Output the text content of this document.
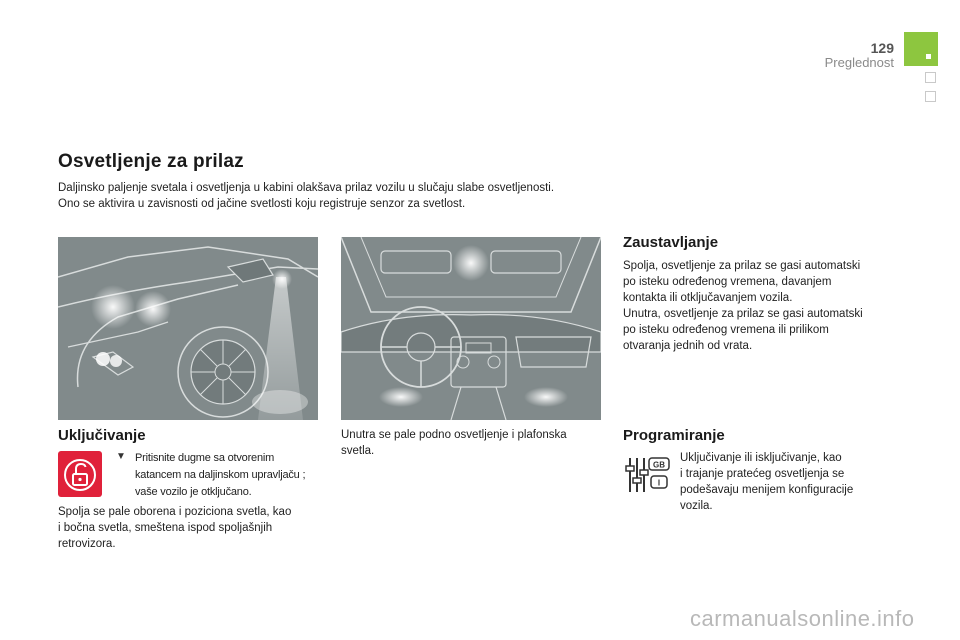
129
Preglednost
Osvetljenje za prilaz
Daljinsko paljenje svetala i osvetljenja u kabini olakšava prilaz vozilu u slučaju slabe osvetljenosti.
Ono se aktivira u zavisnosti od jačine svetlosti koju registruje senzor za svetlost.
Uključivanje
▼ Pritisnite dugme sa otvorenim
katancem na daljinskom upravljaču ;
vaše vozilo je otključano.
Spolja se pale oborena i poziciona svetla, kao
i bočna svetla, smeštena ispod spoljašnjih
retrovizora.
Unutra se pale podno osvetljenje i plafonska
svetla.
Zaustavljanje
Spolja, osvetljenje za prilaz se gasi automatski
po isteku određenog vremena, davanjem
kontakta ili otključavanjem vozila.
Unutra, osvetljenje za prilaz se gasi automatski
po isteku određenog vremena ili prilikom
otvaranja jednih od vrata.
Programiranje
GB
I
Uključivanje ili isključivanje, kao
i trajanje pratećeg osvetljenja se
podešavaju menijem konfiguracije
vozila.
carmanualsonline.info
